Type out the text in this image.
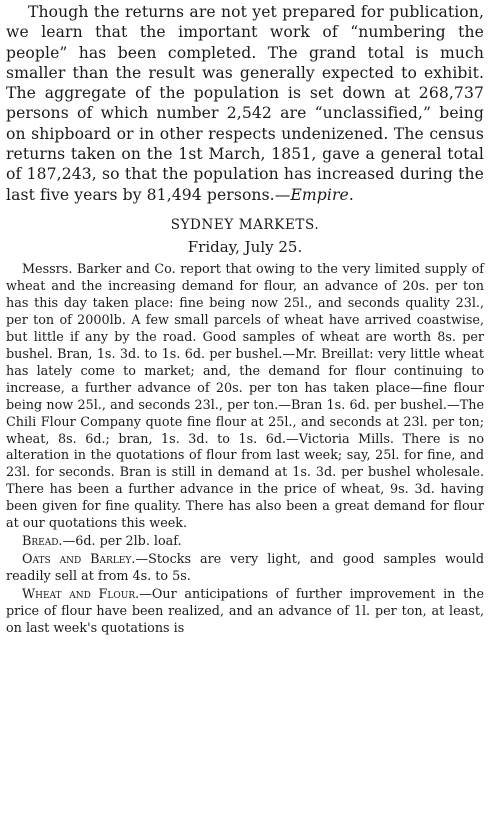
Though the returns are not yet prepared for publication, we learn that the important work of “numbering the people” has been completed. The grand total is much smaller than the result was generally expected to exhibit. The aggregate of the population is set down at 268,737 persons of which number 2,542 are “unclassified,” being on shipboard or in other respects undenizened. The census returns taken on the 1st March, 1851, gave a general total of 187,243, so that the population has increased during the last five years by 81,494 persons.—Empire.

SYDNEY MARKETS.
Friday, July 25.

Messrs. Barker and Co. report that owing to the very limited supply of wheat and the increasing demand for flour, an advance of 20s. per ton has this day taken place: fine being now 25l., and seconds quality 23l., per ton of 2000lb. A few small parcels of wheat have arrived coastwise, but little if any by the road. Good samples of wheat are worth 8s. per bushel. Bran, 1s. 3d. to 1s. 6d. per bushel.—Mr. Breillat: very little wheat has lately come to market; and, the demand for flour continuing to increase, a further advance of 20s. per ton has taken place—fine flour being now 25l., and seconds 23l., per ton.—Bran 1s. 6d. per bushel.—The Chili Flour Company quote fine flour at 25l., and seconds at 23l. per ton; wheat, 8s. 6d.; bran, 1s. 3d. to 1s. 6d.—Victoria Mills. There is no alteration in the quotations of flour from last week; say, 25l. for fine, and 23l. for seconds. Bran is still in demand at 1s. 3d. per bushel wholesale. There has been a further advance in the price of wheat, 9s. 3d. having been given for fine quality. There has also been a great demand for flour at our quotations this week.

Bread.—6d. per 2lb. loaf.

Oats and Barley.—Stocks are very light, and good samples would readily sell at from 4s. to 5s.

Wheat and Flour.—Our anticipations of further improvement in the price of flour have been realized, and an advance of 1l. per ton, at least, on last week's quotations is
